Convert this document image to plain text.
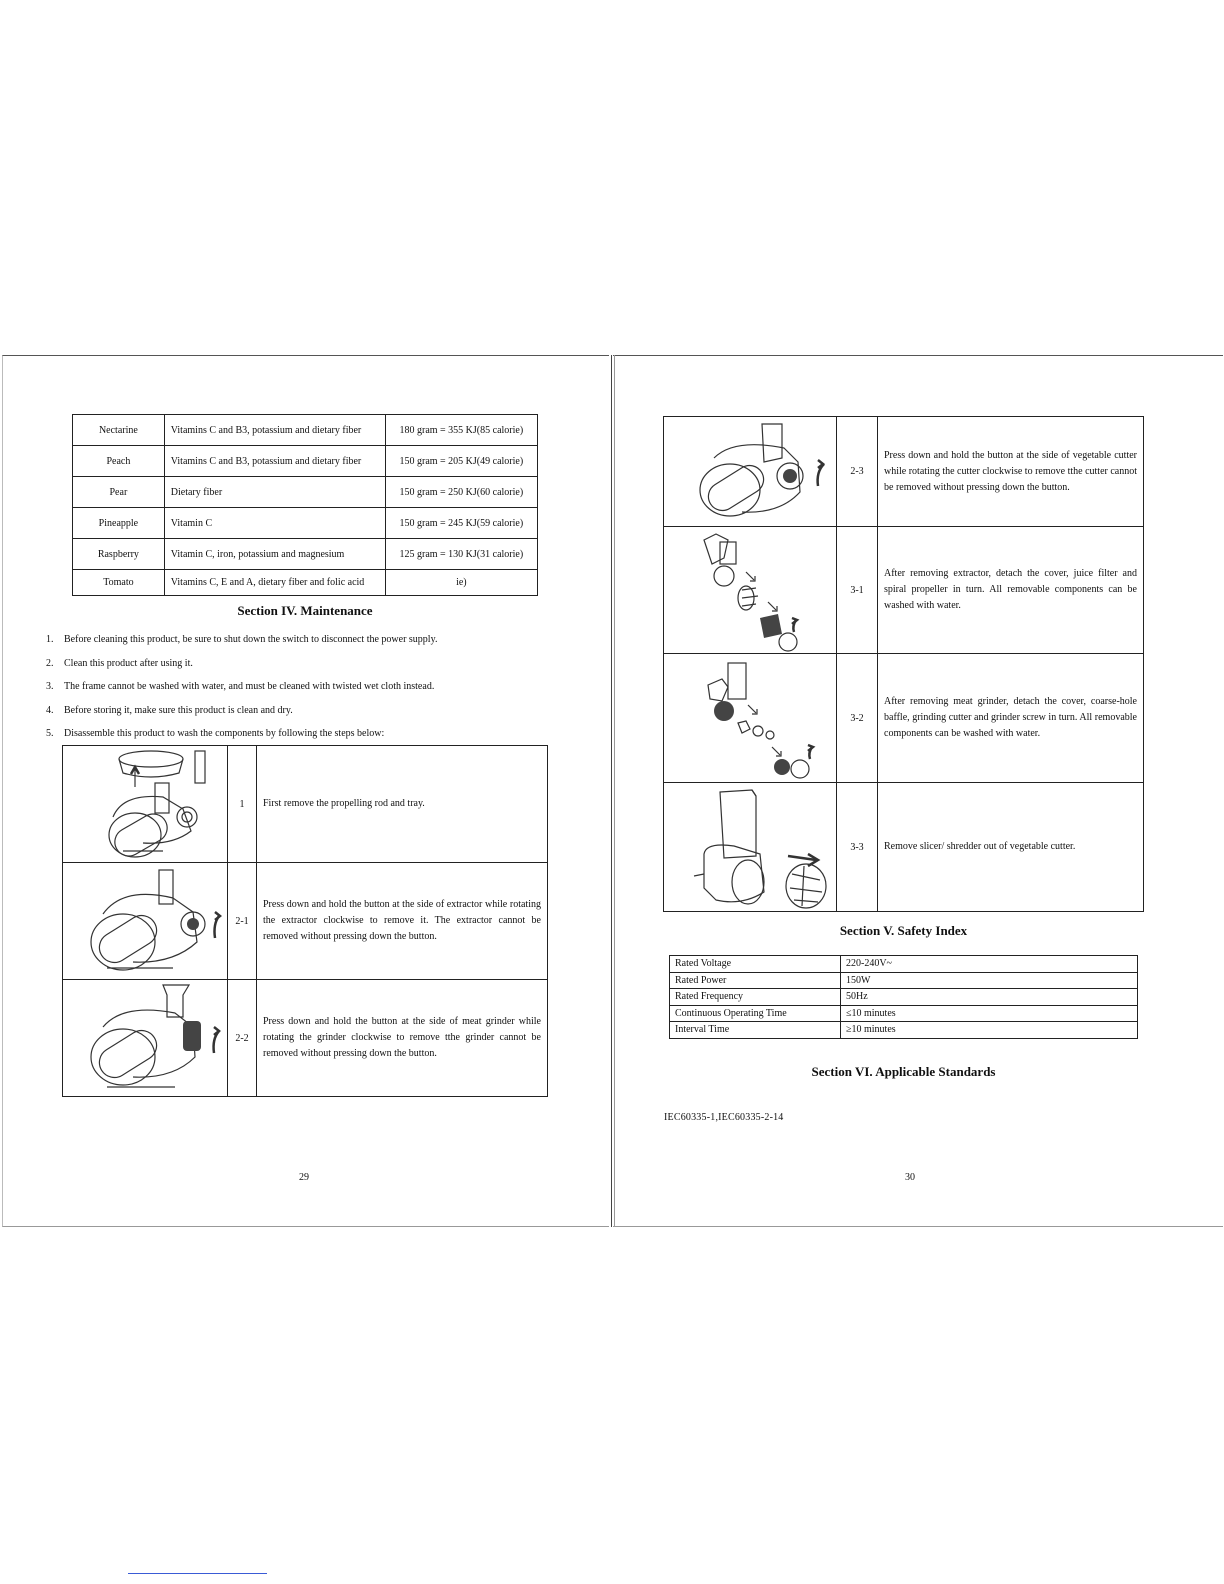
Nectarine	Vitamins C and B3, potassium and dietary fiber	180 gram = 355 KJ(85 calorie)
Peach	Vitamins C and B3, potassium and dietary fiber	150 gram = 205 KJ(49 calorie)
Pear	Dietary fiber	150 gram = 250 KJ(60 calorie)
Pineapple	Vitamin C	150 gram = 245 KJ(59 calorie)
Raspberry	Vitamin C, iron, potassium and magnesium	125 gram = 130 KJ(31 calorie)
Tomato	Vitamins C, E and A, dietary fiber and folic acid	ie)
Section IV. Maintenance
1. Before cleaning this product, be sure to shut down the switch to disconnect the power supply.
2. Clean this product after using it.
3. The frame cannot be washed with water, and must be cleaned with twisted wet cloth instead.
4. Before storing it, make sure this product is clean and dry.
5. Disassemble this product to wash the components by following the steps below:
	1	First remove the propelling rod and tray.

	2-1	Press down and hold the button at the side of extractor while rotating the extractor clockwise to remove it. The extractor cannot be removed without pressing down the button.

	2-2	Press down and hold the button at the side of meat grinder while rotating the grinder clockwise to remove tthe grinder cannot be removed without pressing down the button.
29
	2-3	Press down and hold the button at the side of vegetable cutter while rotating the cutter clockwise to remove tthe cutter cannot be removed without pressing down the button.

	3-1	After removing extractor, detach the cover, juice filter and spiral propeller in turn. All removable components can be washed with water.

	3-2	After removing meat grinder, detach the cover, coarse-hole baffle, grinding cutter and grinder screw in turn. All removable components can be washed with water.

	3-3	Remove slicer/ shredder out of vegetable cutter.
Section V. Safety Index
Rated Voltage	220-240V~
Rated Power	150W
Rated Frequency	50Hz
Continuous Operating Time	≤10 minutes
Interval Time	≥10 minutes
Section VI. Applicable Standards
IEC60335-1,IEC60335-2-14
30
